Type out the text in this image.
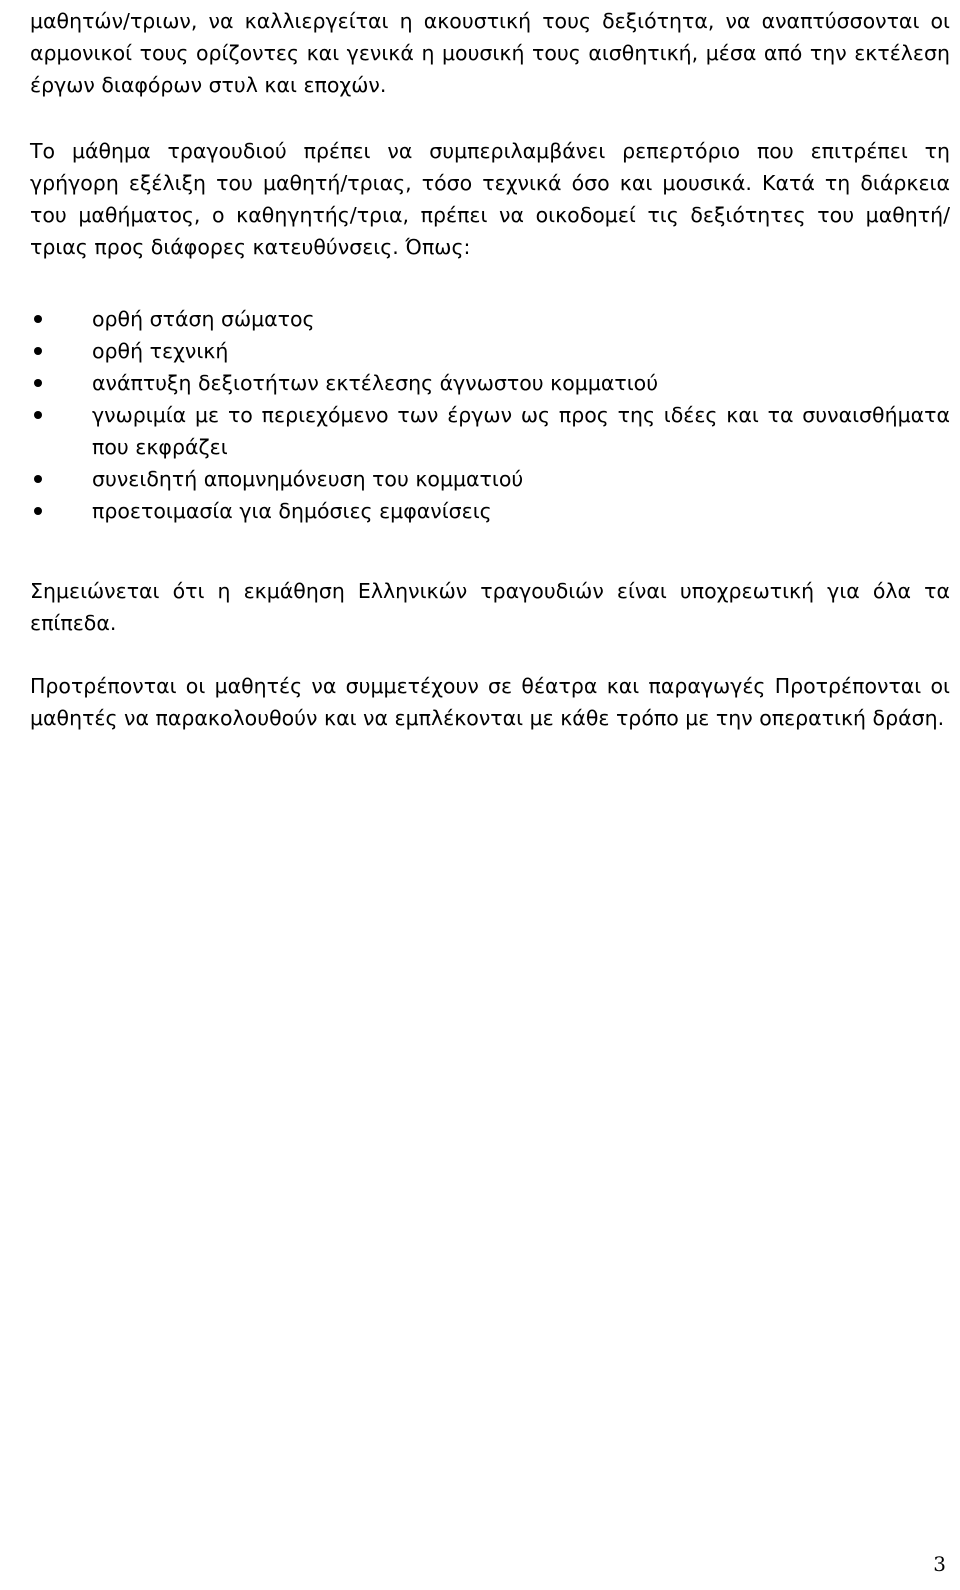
μαθητών/τριων, να καλλιεργείται η ακουστική τους δεξιότητα, να αναπτύσσονται οι αρμονικοί τους ορίζοντες και γενικά η μουσική τους αισθητική, μέσα από την εκτέλεση έργων διαφόρων στυλ και εποχών.

Το μάθημα τραγουδιού πρέπει να συμπεριλαμβάνει ρεπερτόριο που επιτρέπει τη γρήγορη εξέλιξη του μαθητή/τριας, τόσο τεχνικά όσο και μουσικά. Κατά τη διάρκεια του μαθήματος, ο καθηγητής/τρια, πρέπει να οικοδομεί τις δεξιότητες του μαθητή/τριας προς διάφορες κατευθύνσεις. Όπως:

ορθή στάση σώματος
ορθή τεχνική
ανάπτυξη δεξιοτήτων εκτέλεσης άγνωστου κομματιού
γνωριμία με το περιεχόμενο των έργων ως προς της ιδέες και τα συναισθήματα που εκφράζει
συνειδητή απομνημόνευση του κομματιού
προετοιμασία για δημόσιες εμφανίσεις

Σημειώνεται ότι η εκμάθηση Ελληνικών τραγουδιών είναι υποχρεωτική για όλα τα επίπεδα.

Προτρέπονται οι μαθητές να συμμετέχουν σε θέατρα και παραγωγές Προτρέπονται οι μαθητές να παρακολουθούν και να εμπλέκονται με κάθε τρόπο με την οπερατική δράση.

3
